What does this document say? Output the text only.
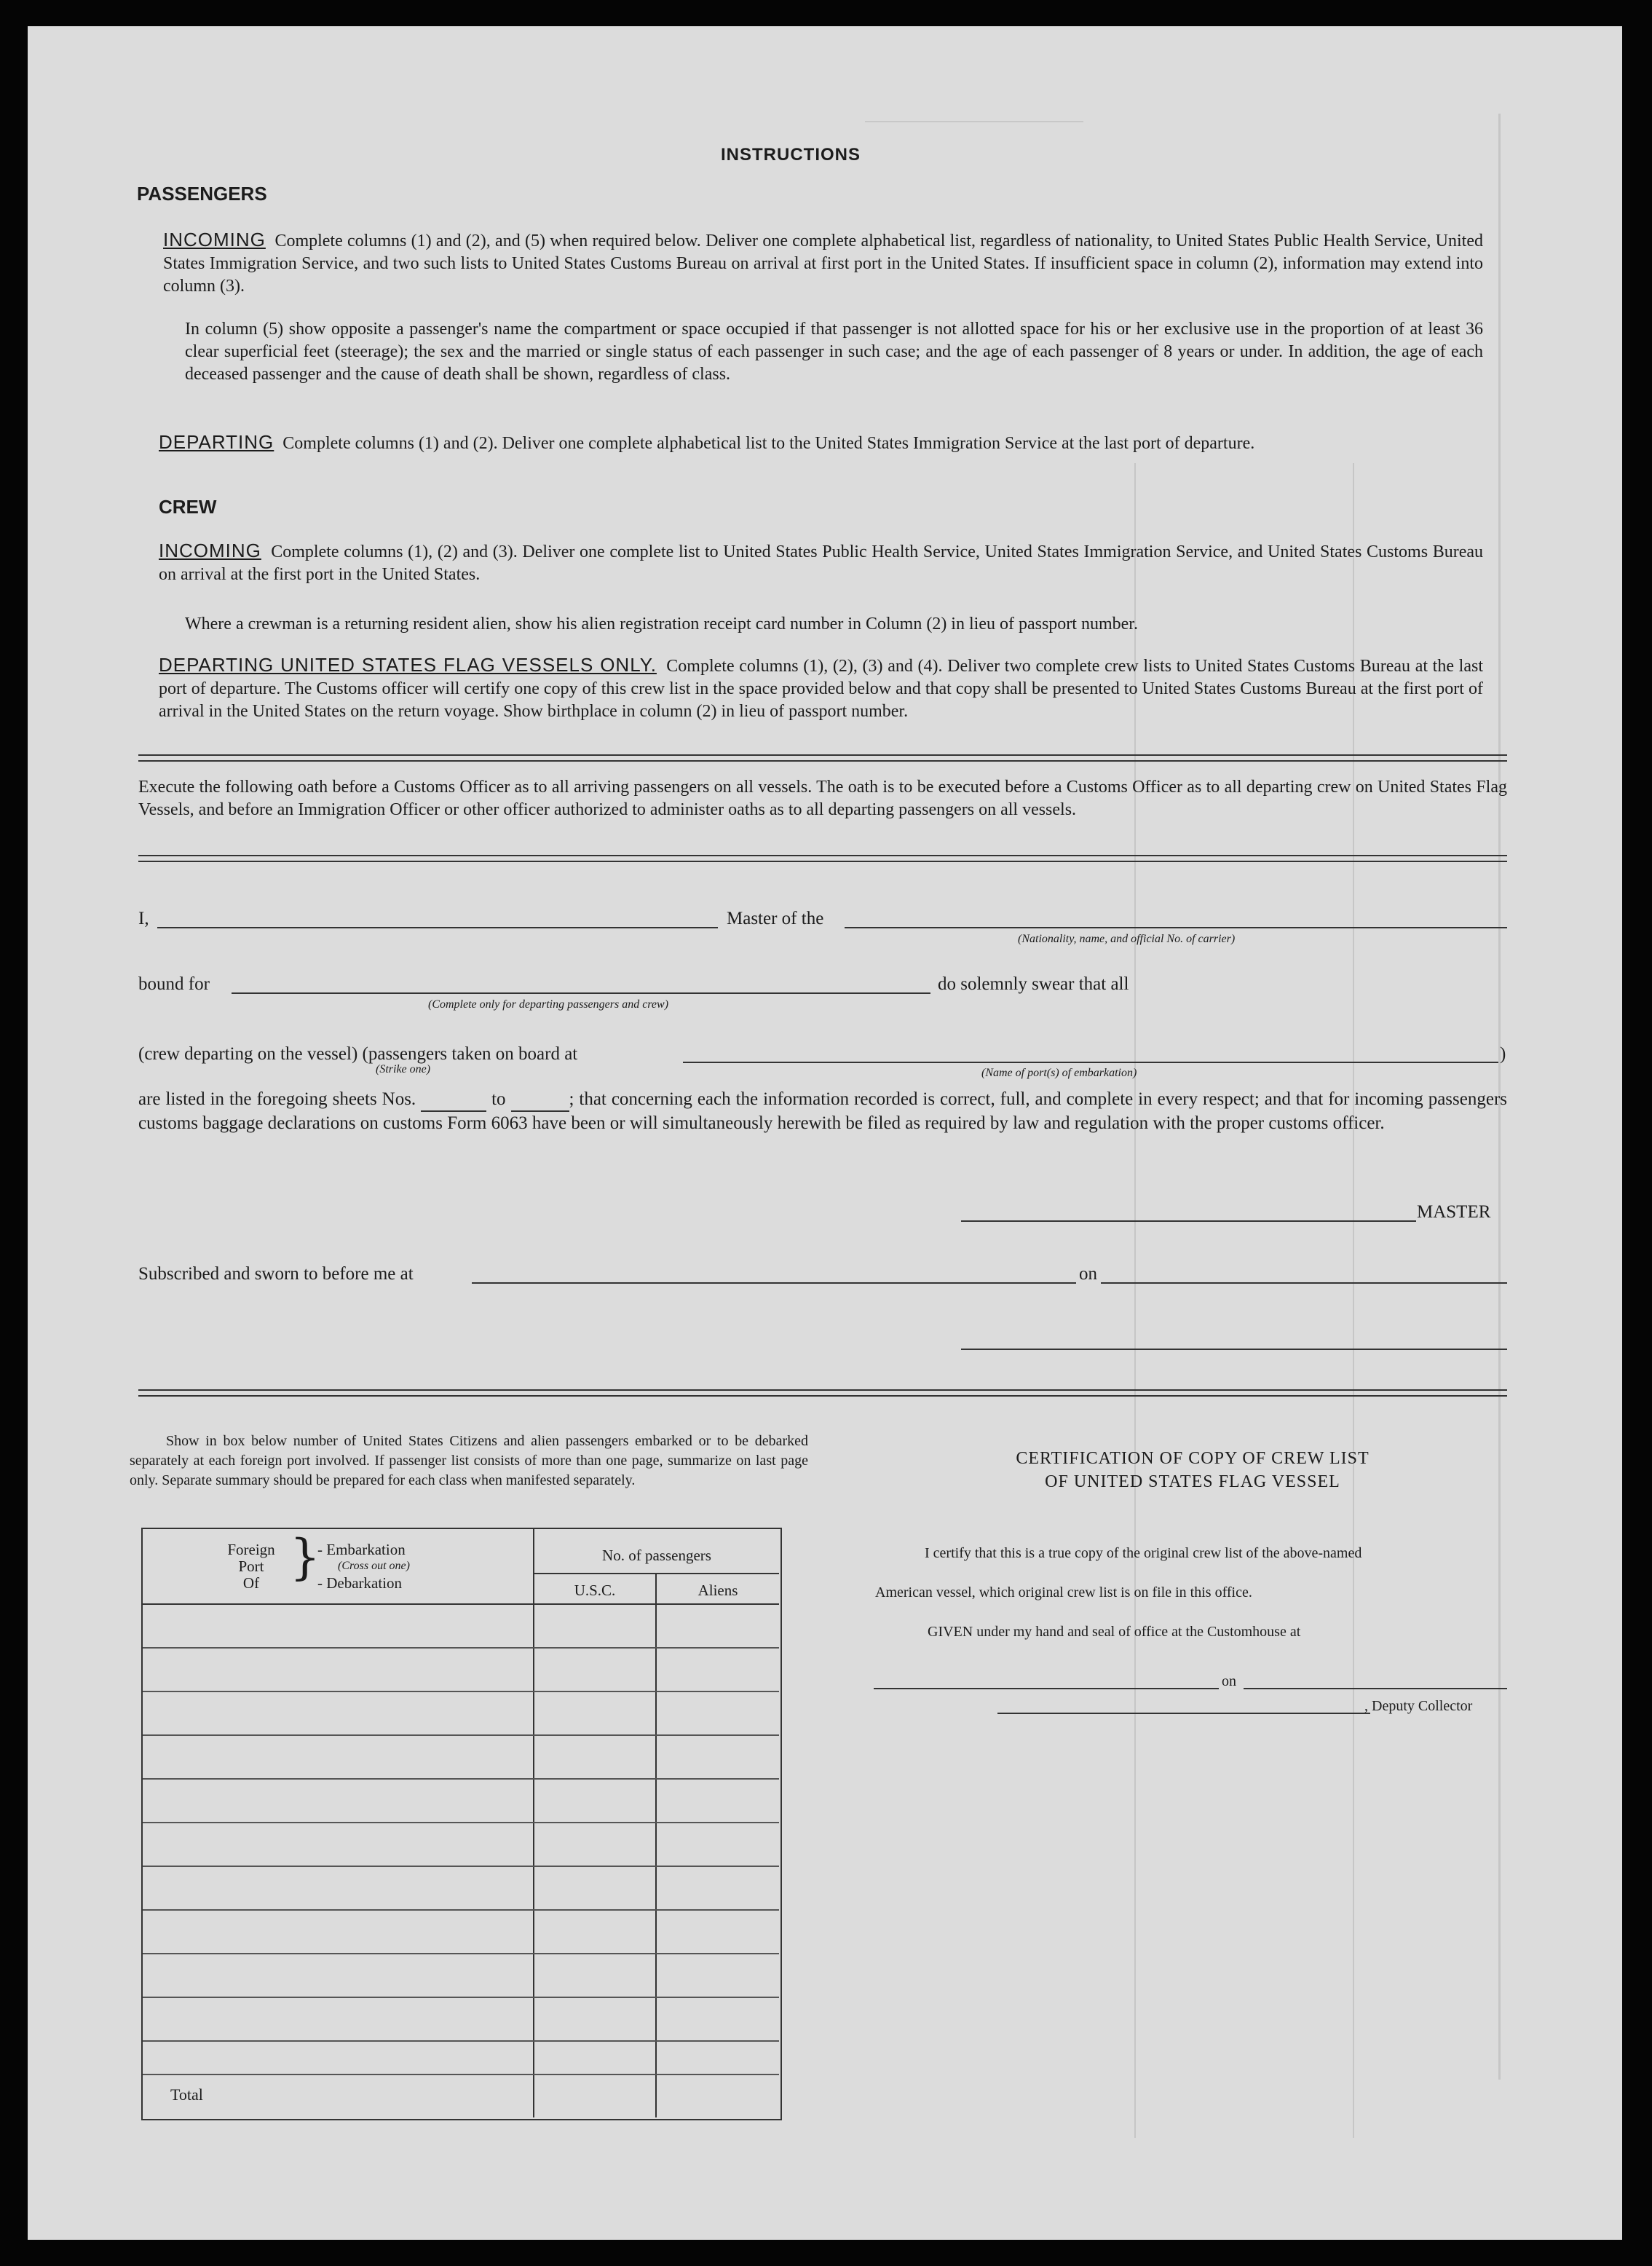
INSTRUCTIONS
PASSENGERS
INCOMING Complete columns (1) and (2), and (5) when required below. Deliver one complete alphabetical list, regardless of nationality, to United States Public Health Service, United States Immigration Service, and two such lists to United States Customs Bureau on arrival at first port in the United States. If insufficient space in column (2), information may extend into column (3).
In column (5) show opposite a passenger's name the compartment or space occupied if that passenger is not allotted space for his or her exclusive use in the proportion of at least 36 clear superficial feet (steerage); the sex and the married or single status of each passenger in such case; and the age of each passenger of 8 years or under. In addition, the age of each deceased passenger and the cause of death shall be shown, regardless of class.
DEPARTING Complete columns (1) and (2). Deliver one complete alphabetical list to the United States Immigration Service at the last port of departure.
CREW
INCOMING Complete columns (1), (2) and (3). Deliver one complete list to United States Public Health Service, United States Immigration Service, and United States Customs Bureau on arrival at the first port in the United States.
Where a crewman is a returning resident alien, show his alien registration receipt card number in Column (2) in lieu of passport number.
DEPARTING UNITED STATES FLAG VESSELS ONLY. Complete columns (1), (2), (3) and (4). Deliver two complete crew lists to United States Customs Bureau at the last port of departure. The Customs officer will certify one copy of this crew list in the space provided below and that copy shall be presented to United States Customs Bureau at the first port of arrival in the United States on the return voyage. Show birthplace in column (2) in lieu of passport number.
Execute the following oath before a Customs Officer as to all arriving passengers on all vessels. The oath is to be executed before a Customs Officer as to all departing crew on United States Flag Vessels, and before an Immigration Officer or other officer authorized to administer oaths as to all departing passengers on all vessels.
I,	Master of the
(Nationality, name, and official No. of carrier)
bound for
(Complete only for departing passengers and crew)
do solemnly swear that all
(crew departing on the vessel) (passengers taken on board at
(Strike one)	(Name of port(s) of embarkation)
)
are listed in the foregoing sheets Nos.	to	; that concerning each the information recorded is correct, full, and complete in every respect; and that for incoming passengers customs baggage declarations on customs Form 6063 have been or will simultaneously herewith be filed as required by law and regulation with the proper customs officer.
MASTER
Subscribed and sworn to before me at	on
Show in box below number of United States Citizens and alien passengers embarked or to be debarked separately at each foreign port involved. If passenger list consists of more than one page, summarize on last page only. Separate summary should be prepared for each class when manifested separately.
Foreign
Port
Of }
- Embarkation
(Cross out one)
- Debarkation
No. of passengers
U.S.C.	Aliens
Total
CERTIFICATION OF COPY OF CREW LIST
OF UNITED STATES FLAG VESSEL
I certify that this is a true copy of the original crew list of the above-named
American vessel, which original crew list is on file in this office.
GIVEN under my hand and seal of office at the Customhouse at
on
, Deputy Collector
